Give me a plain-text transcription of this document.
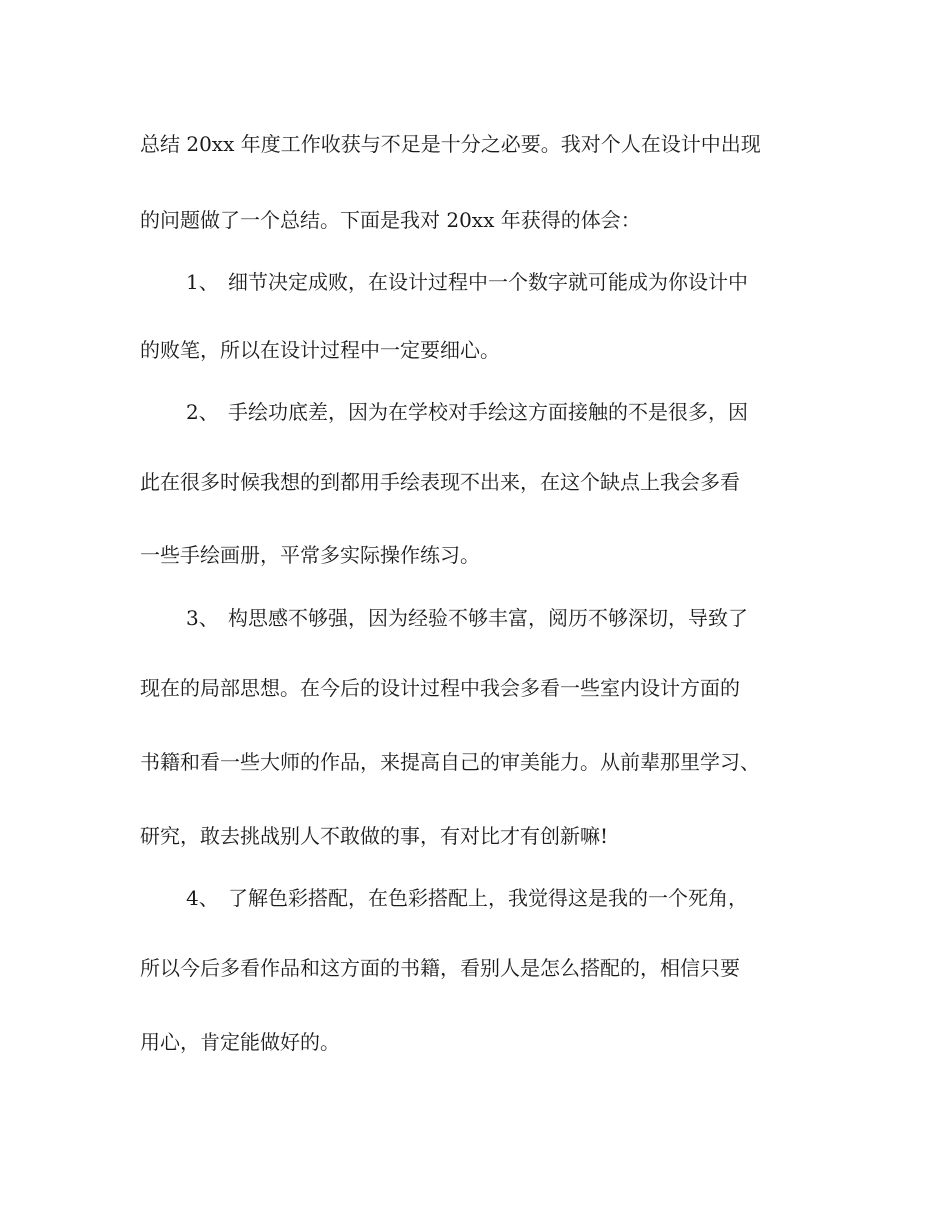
总结 20xx 年度工作收获与不足是十分之必要。我对个人在设计中出现
的问题做了一个总结。下面是我对 20xx 年获得的体会：
1、 细节决定成败，在设计过程中一个数字就可能成为你设计中
的败笔，所以在设计过程中一定要细心。
2、 手绘功底差，因为在学校对手绘这方面接触的不是很多，因
此在很多时候我想的到都用手绘表现不出来，在这个缺点上我会多看
一些手绘画册，平常多实际操作练习。
3、 构思感不够强，因为经验不够丰富，阅历不够深切，导致了
现在的局部思想。在今后的设计过程中我会多看一些室内设计方面的
书籍和看一些大师的作品，来提高自己的审美能力。从前辈那里学习、
研究，敢去挑战别人不敢做的事，有对比才有创新嘛!
4、 了解色彩搭配，在色彩搭配上，我觉得这是我的一个死角，
所以今后多看作品和这方面的书籍，看别人是怎么搭配的，相信只要
用心，肯定能做好的。
